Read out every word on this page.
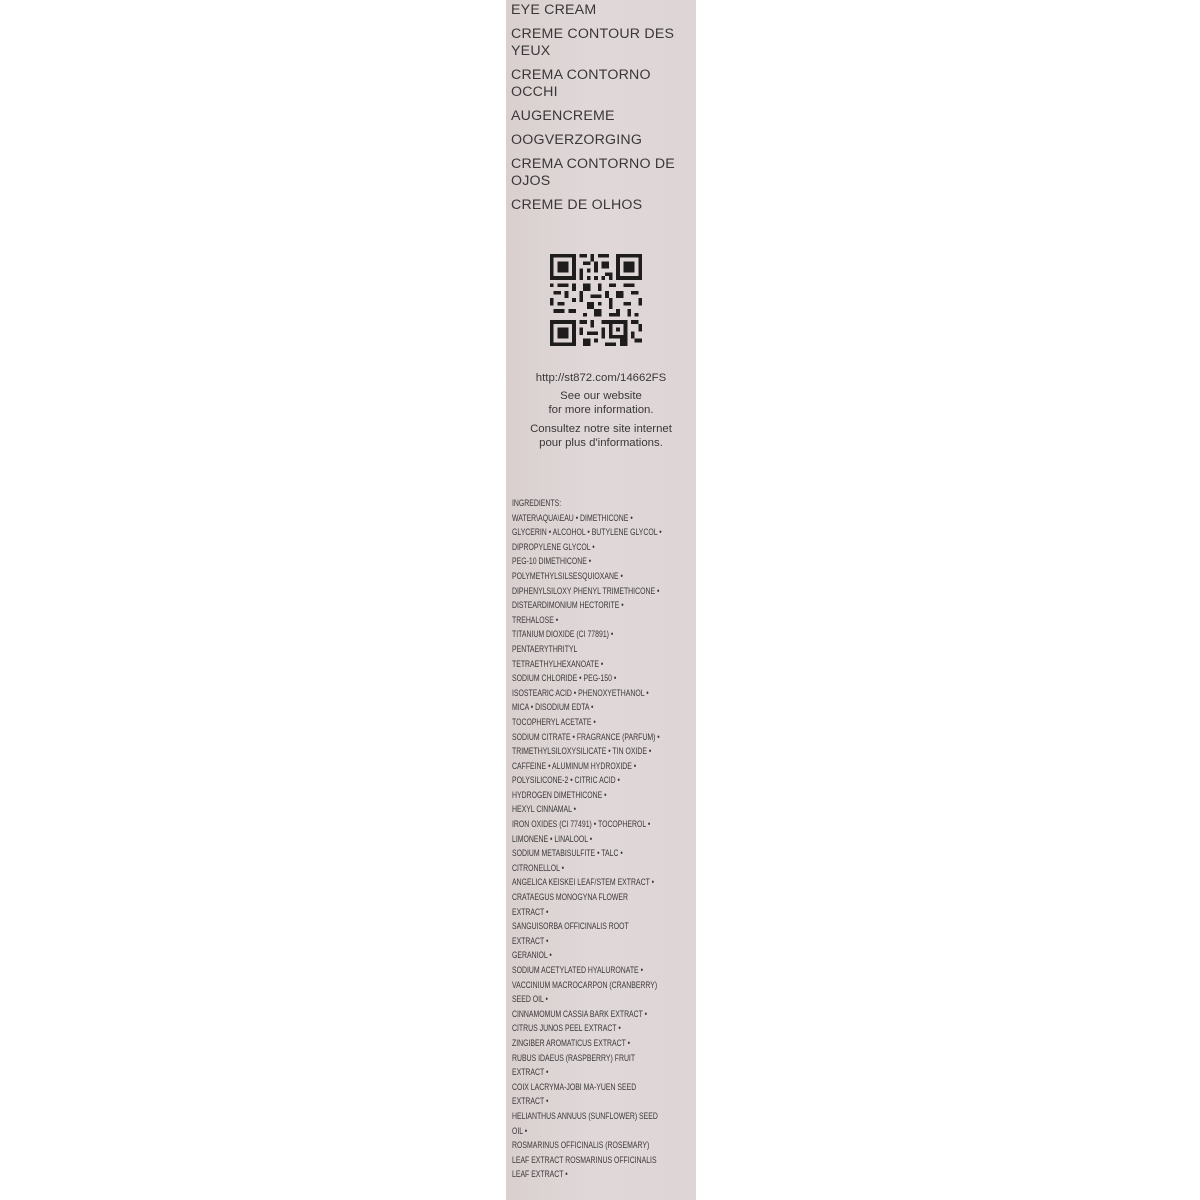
EYE CREAM
CREME CONTOUR DES YEUX
CREMA CONTORNO OCCHI
AUGENCREME
OOGVERZORGING
CREMA CONTORNO DE OJOS
CREME DE OLHOS
http://st872.com/14662FS
See our website
for more information.
Consultez notre site internet
pour plus d'informations.
INGREDIENTS:
WATER\AQUA\EAU • DIMETHICONE •
GLYCERIN • ALCOHOL • BUTYLENE GLYCOL •
DIPROPYLENE GLYCOL •
PEG-10 DIMETHICONE •
POLYMETHYLSILSESQUIOXANE •
DIPHENYLSILOXY PHENYL TRIMETHICONE •
DISTEARDIMONIUM HECTORITE •
TREHALOSE •
TITANIUM DIOXIDE (CI 77891) •
PENTAERYTHRITYL
TETRAETHYLHEXANOATE •
SODIUM CHLORIDE • PEG-150 •
ISOSTEARIC ACID • PHENOXYETHANOL •
MICA • DISODIUM EDTA •
TOCOPHERYL ACETATE •
SODIUM CITRATE • FRAGRANCE (PARFUM) •
TRIMETHYLSILOXYSILICATE • TIN OXIDE •
CAFFEINE • ALUMINUM HYDROXIDE •
POLYSILICONE-2 • CITRIC ACID •
HYDROGEN DIMETHICONE •
HEXYL CINNAMAL •
IRON OXIDES (CI 77491) • TOCOPHEROL •
LIMONENE • LINALOOL •
SODIUM METABISULFITE • TALC •
CITRONELLOL •
ANGELICA KEISKEI LEAF/STEM EXTRACT •
CRATAEGUS MONOGYNA FLOWER
EXTRACT •
SANGUISORBA OFFICINALIS ROOT
EXTRACT •
GERANIOL •
SODIUM ACETYLATED HYALURONATE •
VACCINIUM MACROCARPON (CRANBERRY)
SEED OIL •
CINNAMOMUM CASSIA BARK EXTRACT •
CITRUS JUNOS PEEL EXTRACT •
ZINGIBER AROMATICUS EXTRACT •
RUBUS IDAEUS (RASPBERRY) FRUIT
EXTRACT •
COIX LACRYMA-JOBI MA-YUEN SEED
EXTRACT •
HELIANTHUS ANNUUS (SUNFLOWER) SEED
OIL •
ROSMARINUS OFFICINALIS (ROSEMARY)
LEAF EXTRACT ROSMARINUS OFFICINALIS
LEAF EXTRACT •
